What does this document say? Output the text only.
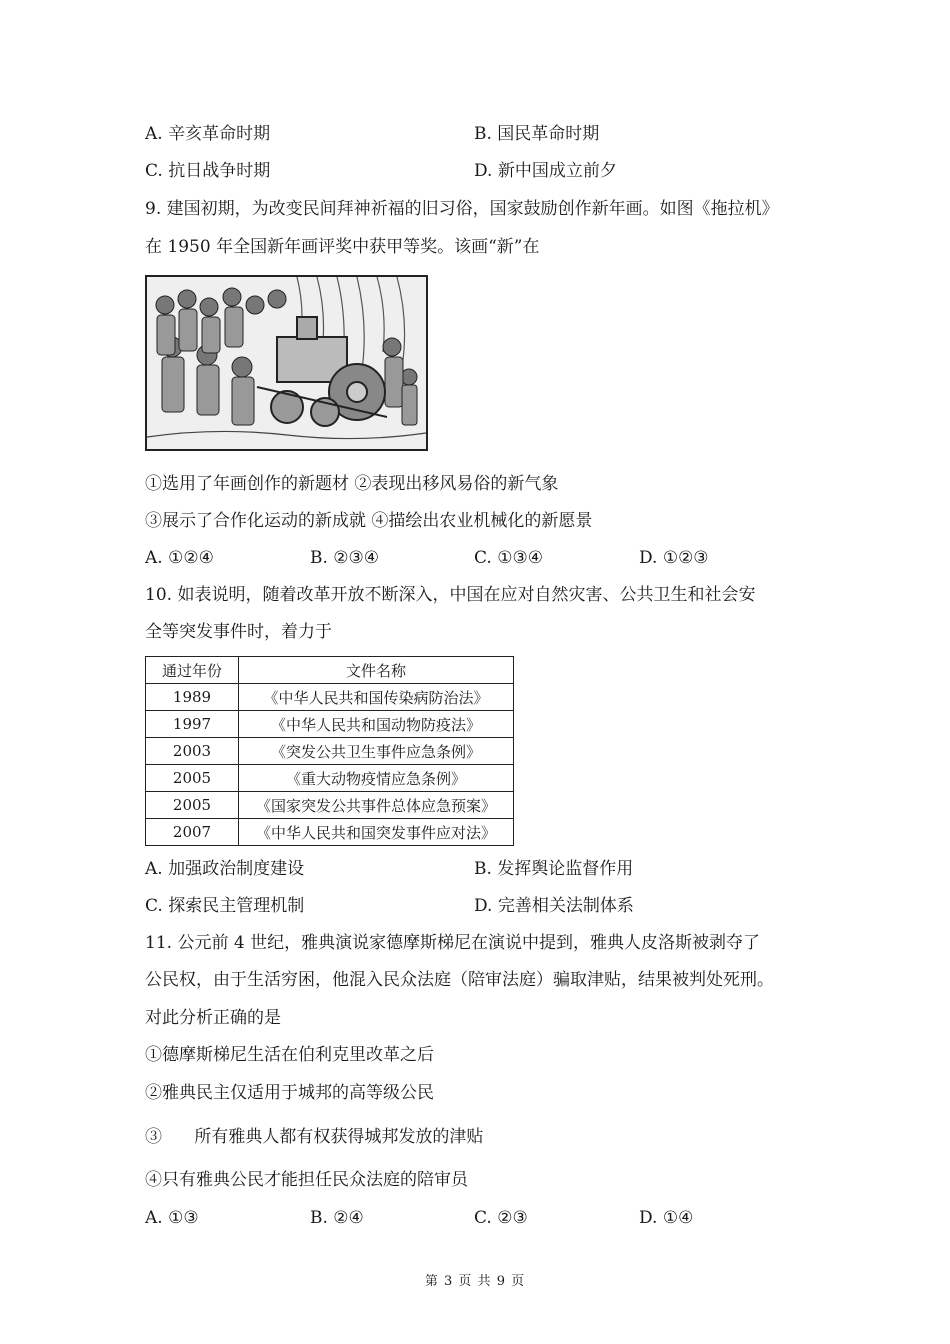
A. 辛亥革命时期	B. 国民革命时期
C. 抗日战争时期	D. 新中国成立前夕
9. 建国初期，为改变民间拜神祈福的旧习俗，国家鼓励创作新年画。如图《拖拉机》
在 1950 年全国新年画评奖中获甲等奖。该画“新”在
①选用了年画创作的新题材 ②表现出移风易俗的新气象
③展示了合作化运动的新成就 ④描绘出农业机械化的新愿景
A. ①②④	B. ②③④	C. ①③④	D. ①②③
10. 如表说明，随着改革开放不断深入，中国在应对自然灾害、公共卫生和社会安
全等突发事件时，着力于
通过年份	文件名称
1989	《中华人民共和国传染病防治法》
1997	《中华人民共和国动物防疫法》
2003	《突发公共卫生事件应急条例》
2005	《重大动物疫情应急条例》
2005	《国家突发公共事件总体应急预案》
2007	《中华人民共和国突发事件应对法》
A. 加强政治制度建设	B. 发挥舆论监督作用
C. 探索民主管理机制	D. 完善相关法制体系
11. 公元前 4 世纪，雅典演说家德摩斯梯尼在演说中提到，雅典人皮洛斯被剥夺了
公民权，由于生活穷困，他混入民众法庭（陪审法庭）骗取津贴，结果被判处死刑。
对此分析正确的是
①德摩斯梯尼生活在伯利克里改革之后
②雅典民主仅适用于城邦的高等级公民
③      所有雅典人都有权获得城邦发放的津贴
④只有雅典公民才能担任民众法庭的陪审员
A. ①③	B. ②④	C. ②③	D. ①④
第 3 页 共 9 页
